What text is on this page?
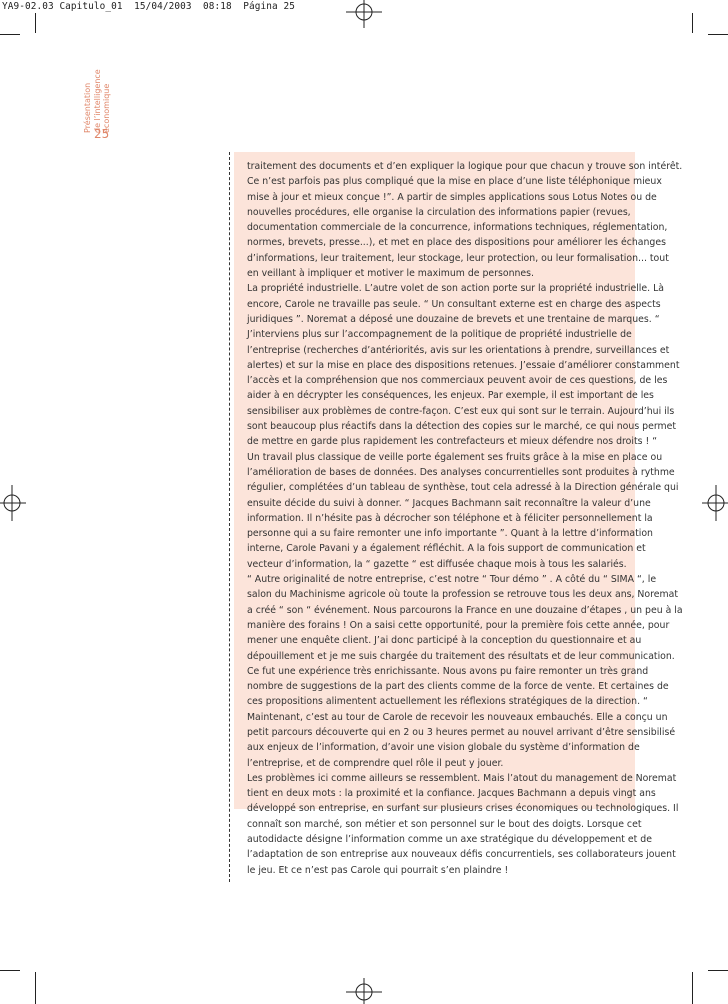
YA9-02.03 Capitulo_01  15/04/2003  08:18  Página 25
Présentation de l’intelligence économique
25
traitement des documents et d’en expliquer la logique pour que chacun y trouve son intérêt.
Ce n’est parfois pas plus compliqué que la mise en place d’une liste téléphonique mieux
mise à jour et mieux conçue !”. A partir de simples applications sous Lotus Notes ou de
nouvelles procédures, elle organise la circulation des informations papier (revues,
documentation commerciale de la concurrence, informations techniques, réglementation,
normes, brevets, presse...), et met en place des dispositions pour améliorer les échanges
d’informations, leur traitement, leur stockage, leur protection, ou leur formalisation... tout
en veillant à impliquer et motiver le maximum de personnes.
La propriété industrielle. L’autre volet de son action porte sur la propriété industrielle. Là
encore, Carole ne travaille pas seule. “ Un consultant externe est en charge des aspects
juridiques ”. Noremat a déposé une douzaine de brevets et une trentaine de marques. “
J’interviens plus sur l’accompagnement de la politique de propriété industrielle de
l’entreprise (recherches d’antériorités, avis sur les orientations à prendre, surveillances et
alertes) et sur la mise en place des dispositions retenues. J’essaie d’améliorer constamment
l’accès et la compréhension que nos commerciaux peuvent avoir de ces questions, de les
aider à en décrypter les conséquences, les enjeux. Par exemple, il est important de les
sensibiliser aux problèmes de contre-façon. C’est eux qui sont sur le terrain. Aujourd’hui ils
sont beaucoup plus réactifs dans la détection des copies sur le marché, ce qui nous permet
de mettre en garde plus rapidement les contrefacteurs et mieux défendre nos droits ! “
Un travail plus classique de veille porte également ses fruits grâce à la mise en place ou
l’amélioration de bases de données. Des analyses concurrentielles sont produites à rythme
régulier, complétées d’un tableau de synthèse, tout cela adressé à la Direction générale qui
ensuite décide du suivi à donner. “ Jacques Bachmann sait reconnaître la valeur d’une
information. Il n’hésite pas à décrocher son téléphone et à féliciter personnellement la
personne qui a su faire remonter une info importante ”. Quant à la lettre d’information
interne, Carole Pavani y a également réfléchit. A la fois support de communication et
vecteur d’information, la “ gazette “ est diffusée chaque mois à tous les salariés.
“ Autre originalité de notre entreprise, c’est notre “ Tour démo ” . A côté du “ SIMA “, le
salon du Machinisme agricole où toute la profession se retrouve tous les deux ans, Noremat
a créé “ son “ événement. Nous parcourons la France en une douzaine d’étapes , un peu à la
manière des forains ! On a saisi cette opportunité, pour la première fois cette année, pour
mener une enquête client. J’ai donc participé à la conception du questionnaire et au
dépouillement et je me suis chargée du traitement des résultats et de leur communication.
Ce fut une expérience très enrichissante. Nous avons pu faire remonter un très grand
nombre de suggestions de la part des clients comme de la force de vente. Et certaines de
ces propositions alimentent actuellement les réflexions stratégiques de la direction. “
Maintenant, c’est au tour de Carole de recevoir les nouveaux embauchés. Elle a conçu un
petit parcours découverte qui en 2 ou 3 heures permet au nouvel arrivant d’être sensibilisé
aux enjeux de l’information, d’avoir une vision globale du système d’information de
l’entreprise, et de comprendre quel rôle il peut y jouer.
Les problèmes ici comme ailleurs se ressemblent. Mais l’atout du management de Noremat
tient en deux mots : la proximité et la confiance. Jacques Bachmann a depuis vingt ans
développé son entreprise, en surfant sur plusieurs crises économiques ou technologiques. Il
connaît son marché, son métier et son personnel sur le bout des doigts. Lorsque cet
autodidacte désigne l’information comme un axe stratégique du développement et de
l’adaptation de son entreprise aux nouveaux défis concurrentiels, ses collaborateurs jouent
le jeu. Et ce n’est pas Carole qui pourrait s’en plaindre !
